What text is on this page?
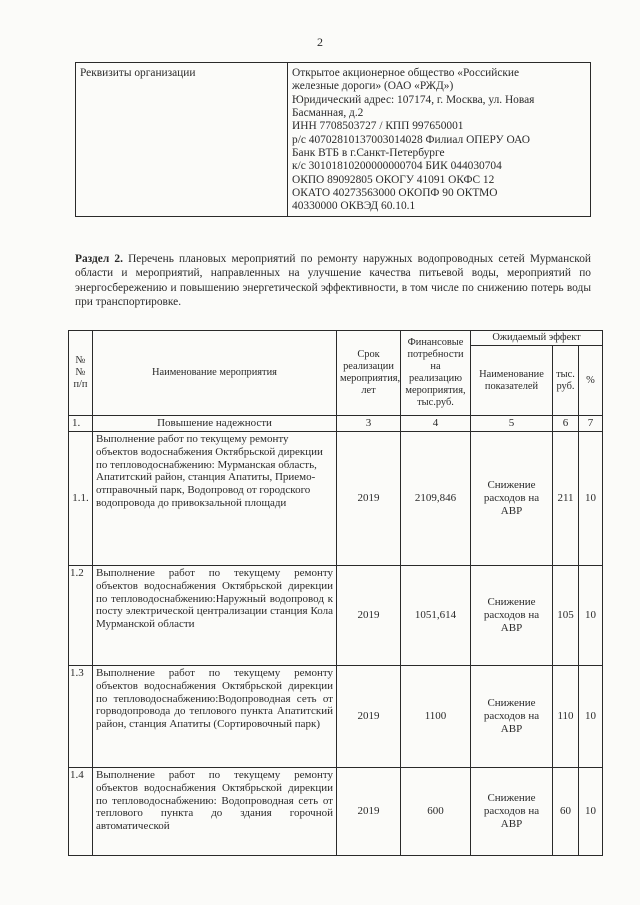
2
Реквизиты организации	Открытое акционерное общество «Российские
железные дороги» (ОАО «РЖД»)
Юридический адрес: 107174, г. Москва, ул. Новая
Басманная, д.2
ИНН 7708503727 / КПП 997650001
р/с 40702810137003014028 Филиал ОПЕРУ ОАО
Банк ВТБ в г.Санкт-Петербурге
к/с 30101810200000000704 БИК 044030704
ОКПО 89092805 ОКОГУ 41091 ОКФС 12
ОКАТО 40273563000 ОКОПФ 90 ОКТМО
40330000 ОКВЭД 60.10.1
Раздел 2. Перечень плановых мероприятий по ремонту наружных водопроводных сетей Мурманской области и мероприятий, направленных на улучшение качества питьевой воды, мероприятий по энергосбережению и повышению энергетической эффективности, в том числе по снижению потерь воды при транспортировке.
№№ п/п	Наименование мероприятия	Срок реализации мероприятия, лет	Финансовые потребности на реализацию мероприятия, тыс.руб.	Ожидаемый эффект		
				Наименование показателей	тыс. руб.	%
1.	Повышение надежности	3	4	5	6	7
1.1.	Выполнение работ по текущему ремонту объектов водоснабжения Октябрьской дирекции по тепловодоснабжению: Мурманская область, Апатитский район, станция Апатиты, Приемо-отправочный парк, Водопровод от городского водопровода до привокзальной площади	2019	2109,846	Снижение расходов на АВР	211	10
1.2	Выполнение работ по текущему ремонту объектов водоснабжения Октябрьской дирекции по тепловодоснабжению:Наружный водопровод к посту электрической централизации станция Кола Мурманской области	2019	1051,614	Снижение расходов на АВР	105	10
1.3	Выполнение работ по текущему ремонту объектов водоснабжения Октябрьской дирекции по тепловодоснабжению:Водопроводная сеть от горводопровода до теплового пункта Апатитский район, станция Апатиты (Сортировочный парк)	2019	1100	Снижение расходов на АВР	110	10
1.4	Выполнение работ по текущему ремонту объектов водоснабжения Октябрьской дирекции по тепловодоснабжению: Водопроводная сеть от теплового пункта до здания горочной автоматической	2019	600	Снижение расходов на АВР	60	10
